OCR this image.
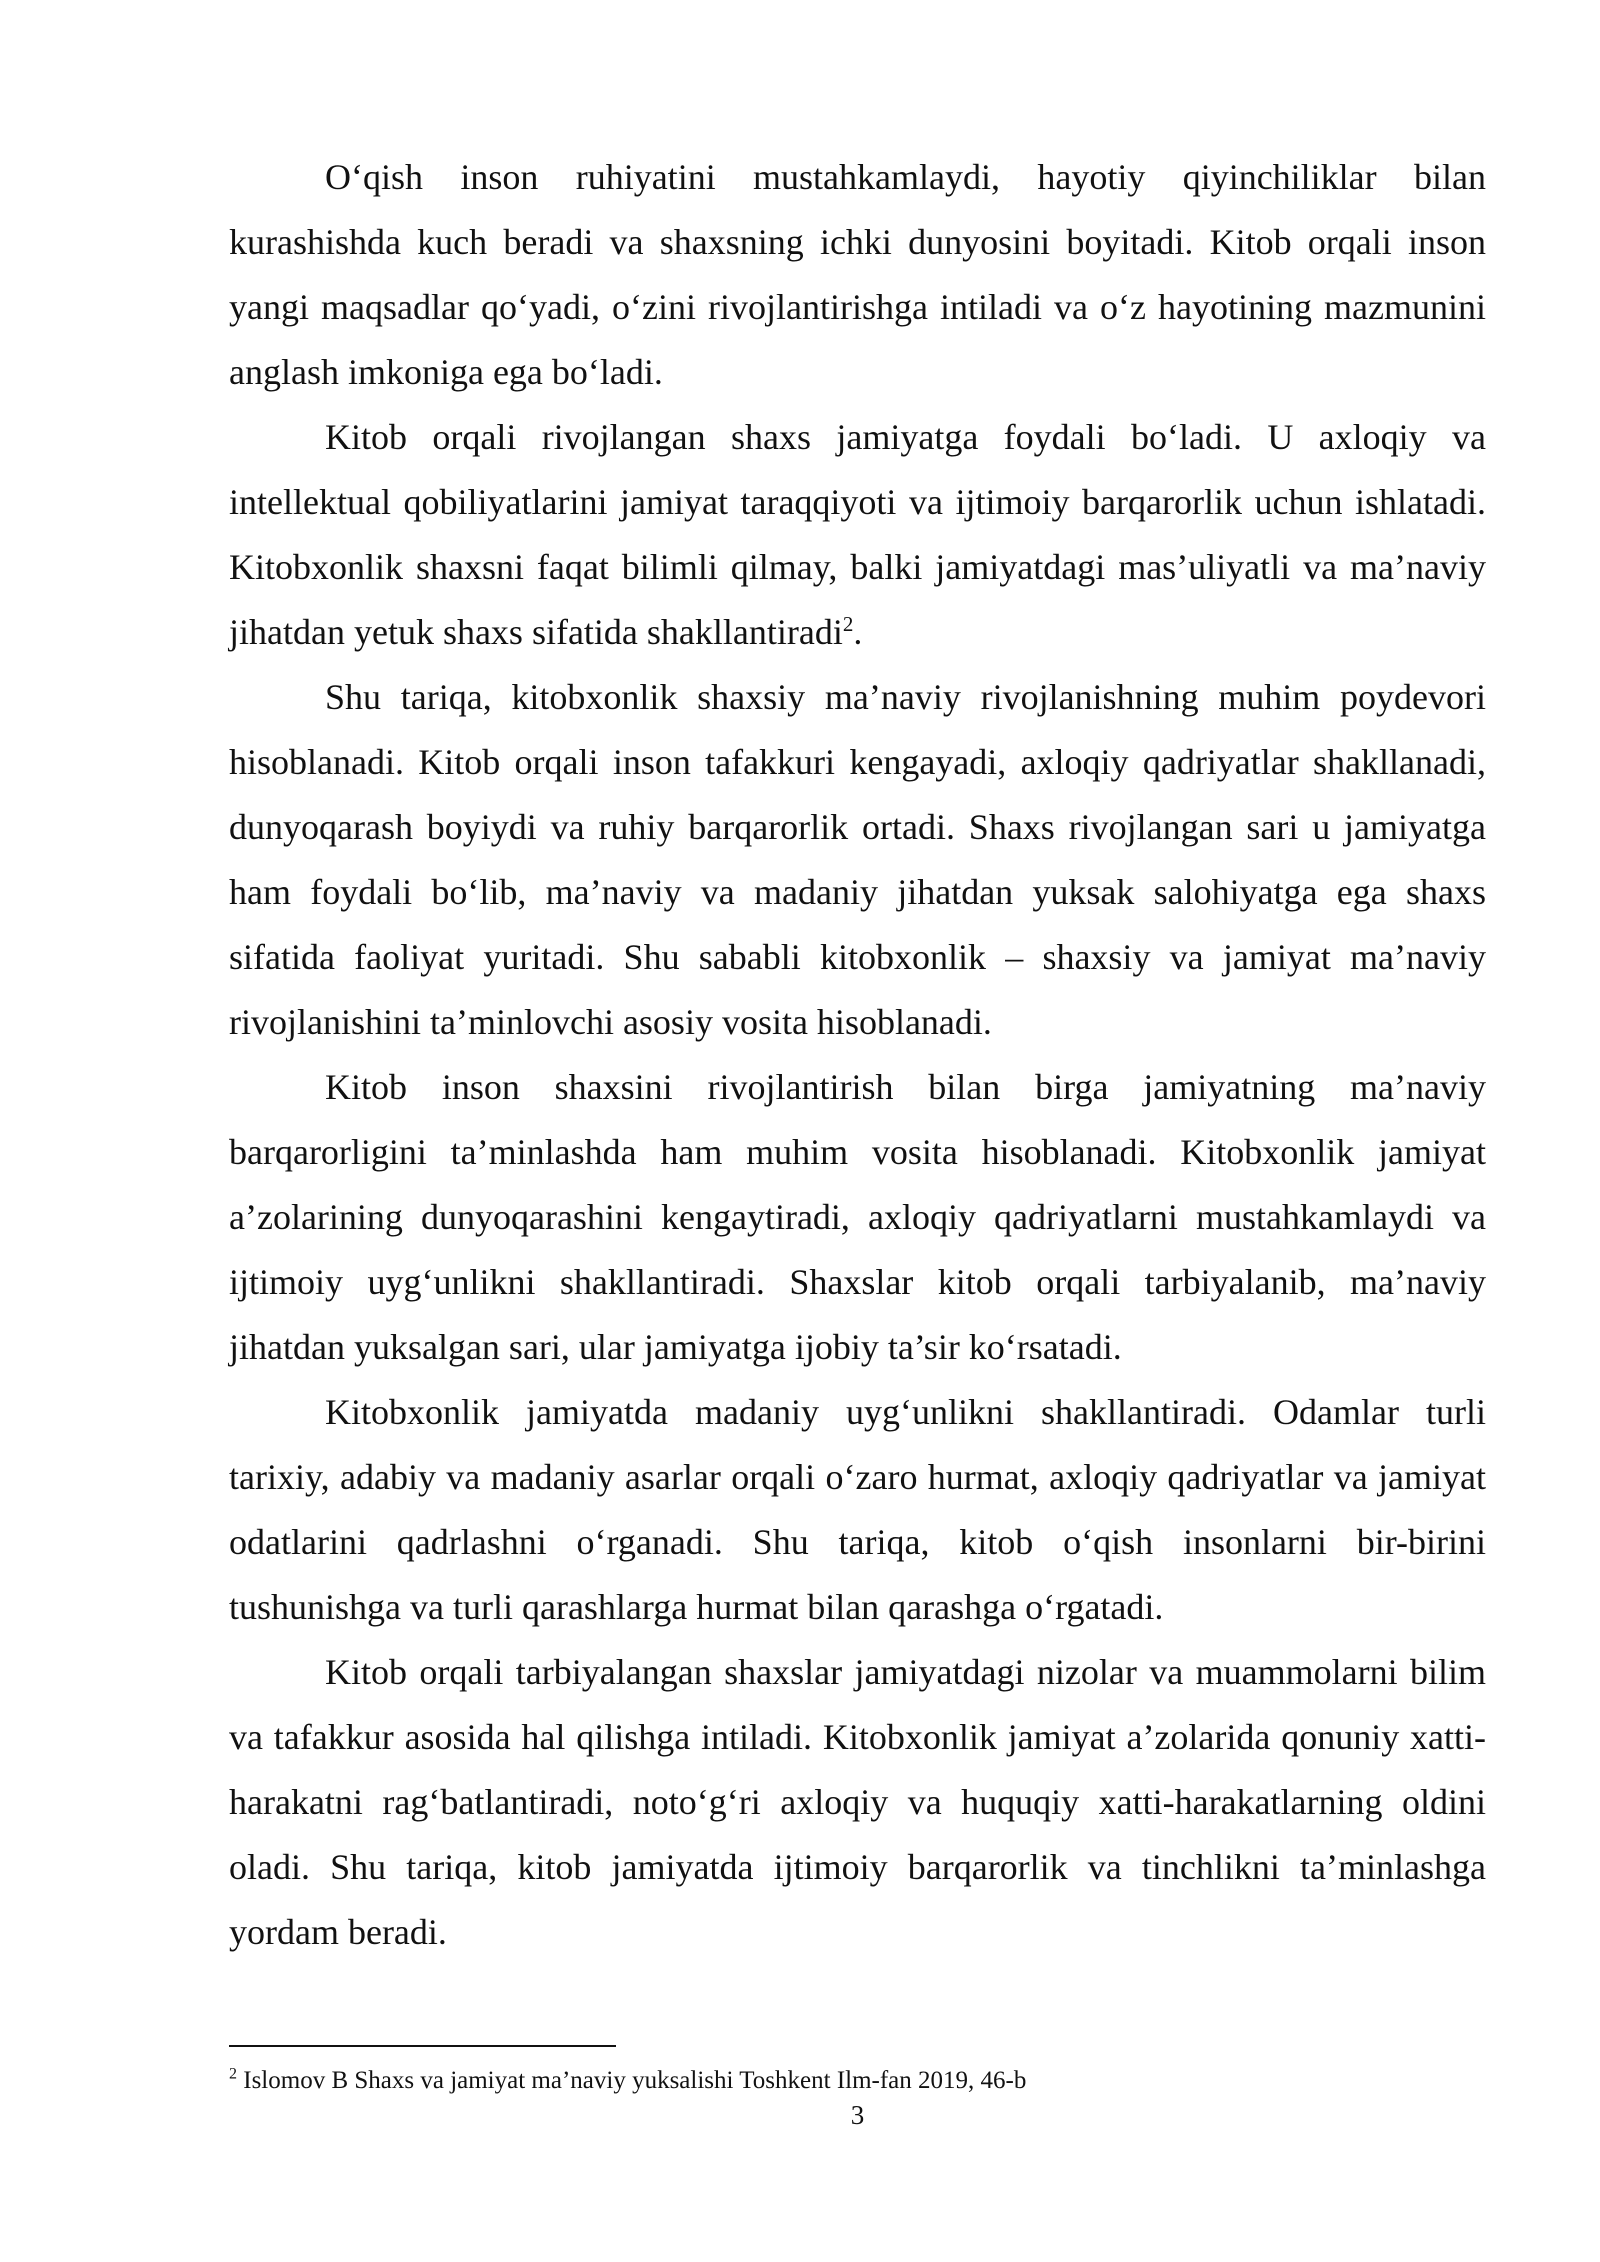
O‘qish inson ruhiyatini mustahkamlaydi, hayotiy qiyinchiliklar bilan kurashishda kuch beradi va shaxsning ichki dunyosini boyitadi. Kitob orqali inson yangi maqsadlar qo‘yadi, o‘zini rivojlantirishga intiladi va o‘z hayotining mazmunini anglash imkoniga ega bo‘ladi.

Kitob orqali rivojlangan shaxs jamiyatga foydali bo‘ladi. U axloqiy va intellektual qobiliyatlarini jamiyat taraqqiyoti va ijtimoiy barqarorlik uchun ishlatadi. Kitobxonlik shaxsni faqat bilimli qilmay, balki jamiyatdagi mas’uliyatli va ma’naviy jihatdan yetuk shaxs sifatida shakllantiradi$^2$.

Shu tariqa, kitobxonlik shaxsiy ma’naviy rivojlanishning muhim poydevori hisoblanadi. Kitob orqali inson tafakkuri kengayadi, axloqiy qadriyatlar shakllanadi, dunyoqarash boyiydi va ruhiy barqarorlik ortadi. Shaxs rivojlangan sari u jamiyatga ham foydali bo‘lib, ma’naviy va madaniy jihatdan yuksak salohiyatga ega shaxs sifatida faoliyat yuritadi. Shu sababli kitobxonlik – shaxsiy va jamiyat ma’naviy rivojlanishini ta’minlovchi asosiy vosita hisoblanadi.

Kitob inson shaxsini rivojlantirish bilan birga jamiyatning ma’naviy barqarorligini ta’minlashda ham muhim vosita hisoblanadi. Kitobxonlik jamiyat a’zolarining dunyoqarashini kengaytiradi, axloqiy qadriyatlarni mustahkamlaydi va ijtimoiy uyg‘unlikni shakllantiradi. Shaxslar kitob orqali tarbiyalanib, ma’naviy jihatdan yuksalgan sari, ular jamiyatga ijobiy ta’sir ko‘rsatadi.

Kitobxonlik jamiyatda madaniy uyg‘unlikni shakllantiradi. Odamlar turli tarixiy, adabiy va madaniy asarlar orqali o‘zaro hurmat, axloqiy qadriyatlar va jamiyat odatlarini qadrlashni o‘rganadi. Shu tariqa, kitob o‘qish insonlarni bir-birini tushunishga va turli qarashlarga hurmat bilan qarashga o‘rgatadi.

Kitob orqali tarbiyalangan shaxslar jamiyatdagi nizolar va muammolarni bilim va tafakkur asosida hal qilishga intiladi. Kitobxonlik jamiyat a’zolarida qonuniy xatti-harakatni rag‘batlantiradi, noto‘g‘ri axloqiy va huquqiy xatti-harakatlarning oldini oladi. Shu tariqa, kitob jamiyatda ijtimoiy barqarorlik va tinchlikni ta’minlashga yordam beradi.

$^2$ Islomov B Shaxs va jamiyat ma’naviy yuksalishi Toshkent Ilm-fan 2019, 46-b
3
